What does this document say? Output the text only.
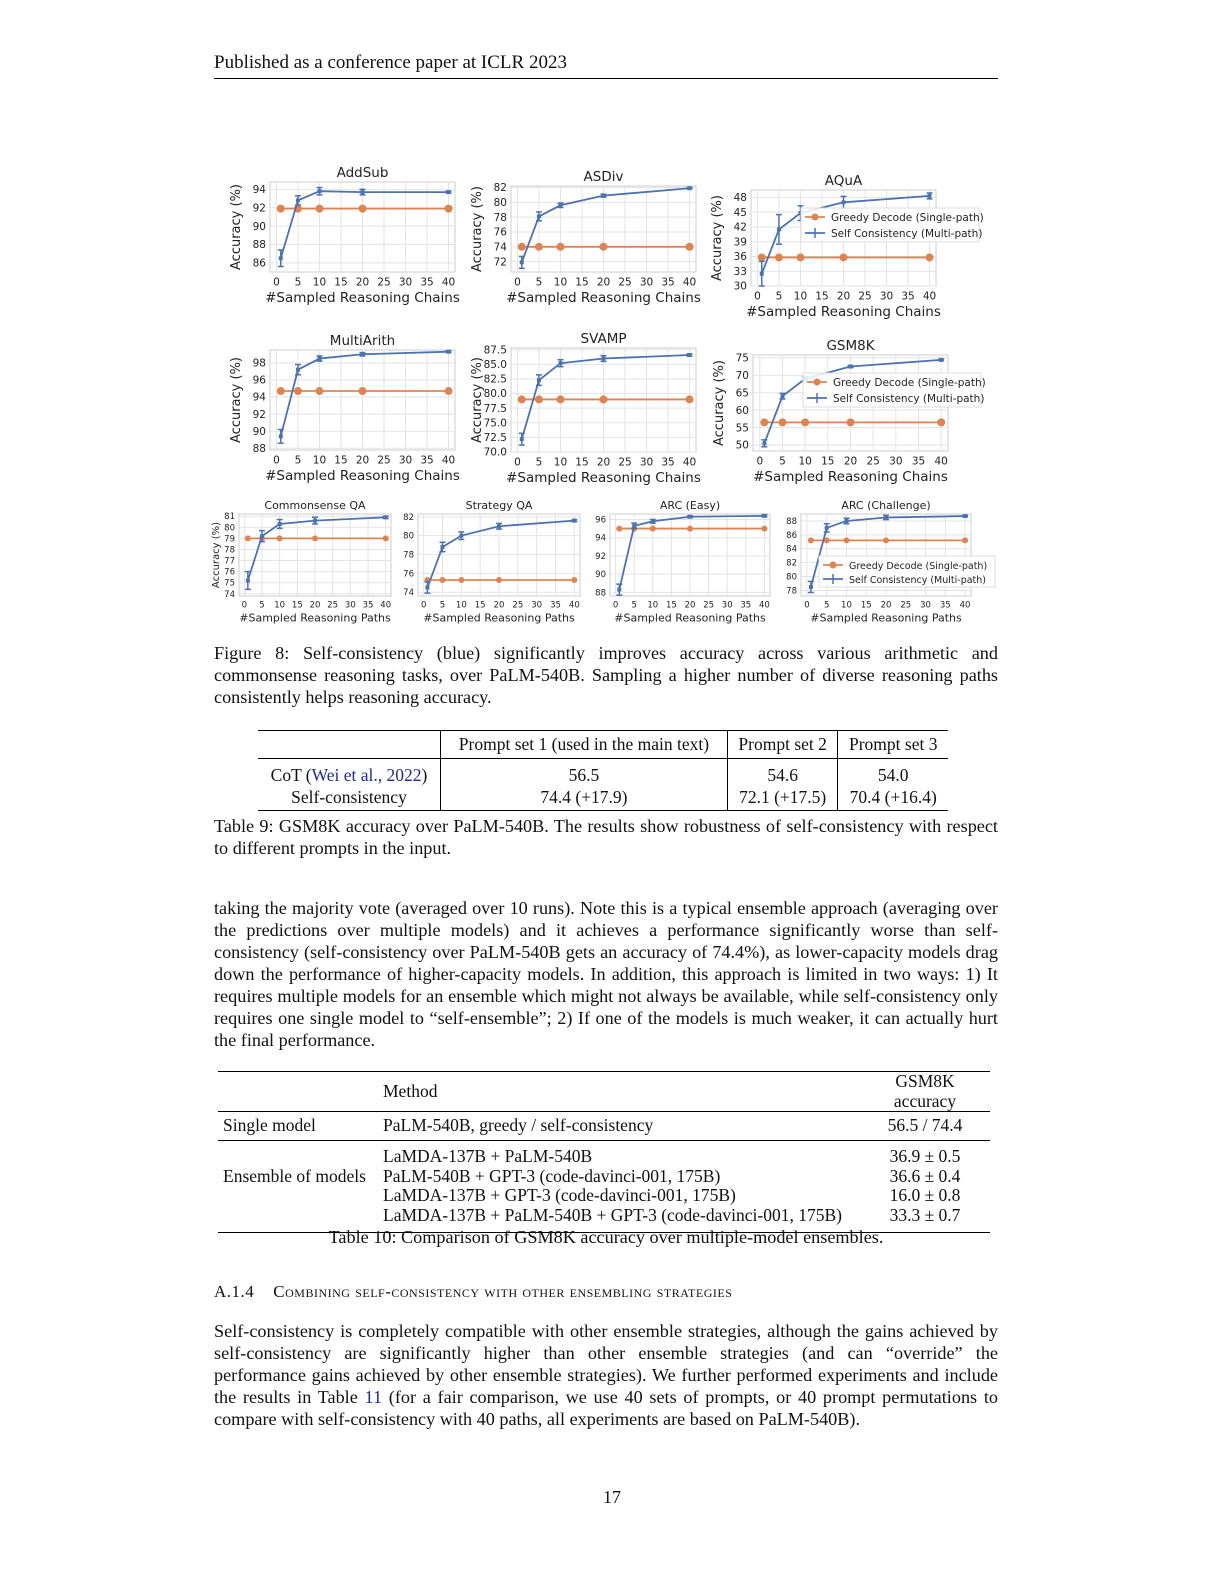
Published as a conference paper at ICLR 2023
0 5 10 15 20 25 30 35 40
86
88
90
92
94
AddSub
#Sampled Reasoning Chains
Accuracy (%)
0 5 10 15 20 25 30 35 40
72
74
76
78
80
82
ASDiv
#Sampled Reasoning Chains
Accuracy (%)
0 5 10 15 20 25 30 35 40
30
33
36
39
42
45
48
AQuA
#Sampled Reasoning Chains
Accuracy (%)	Greedy Decode (Single-path)
Self Consistency (Multi-path)
0 5 10 15 20 25 30 35 40
88
90
92
94
96
98
MultiArith
#Sampled Reasoning Chains
Accuracy (%)
0 5 10 15 20 25 30 35 40
70.0
72.5
75.0
77.5
80.0
82.5
85.0
87.5
SVAMP
#Sampled Reasoning Chains
Accuracy (%)
0 5 10 15 20 25 30 35 40
50
55
60
65
70
75
GSM8K
#Sampled Reasoning Chains
Accuracy (%)	Greedy Decode (Single-path)
Self Consistency (Multi-path)
0 5 10 15 20 25 30 35 40
74
75
76
77
78
79
80
81
Commonsense QA
#Sampled Reasoning Paths
Accuracy (%)
0 5 10 15 20 25 30 35 40
74
76
78
80
82
Strategy QA
#Sampled Reasoning Paths
0 5 10 15 20 25 30 35 40
88
90
92
94
96
ARC (Easy)
#Sampled Reasoning Paths
0 5 10 15 20 25 30 35 40
78
80
82
84
86
88
ARC (Challenge)
#Sampled Reasoning Paths
Greedy Decode (Single-path)
Self Consistency (Multi-path)
Figure 8: Self-consistency (blue) significantly improves accuracy across various arithmetic and commonsense reasoning tasks, over PaLM-540B. Sampling a higher number of diverse reasoning paths consistently helps reasoning accuracy.
	Prompt set 1 (used in the main text)	Prompt set 2	Prompt set 3
CoT (Wei et al., 2022)	56.5	54.6	54.0
Self-consistency	74.4 (+17.9)	72.1 (+17.5)	70.4 (+16.4)
Table 9: GSM8K accuracy over PaLM-540B. The results show robustness of self-consistency with respect to different prompts in the input.
taking the majority vote (averaged over 10 runs). Note this is a typical ensemble approach (averaging over the predictions over multiple models) and it achieves a performance significantly worse than self-consistency (self-consistency over PaLM-540B gets an accuracy of 74.4%), as lower-capacity models drag down the performance of higher-capacity models. In addition, this approach is limited in two ways: 1) It requires multiple models for an ensemble which might not always be available, while self-consistency only requires one single model to “self-ensemble”; 2) If one of the models is much weaker, it can actually hurt the final performance.
	Method	GSM8K accuracy
Single model	PaLM-540B, greedy / self-consistency	56.5 / 74.4
	LaMDA-137B + PaLM-540B	36.9 ± 0.5
Ensemble of models	PaLM-540B + GPT-3 (code-davinci-001, 175B)	36.6 ± 0.4
	LaMDA-137B + GPT-3 (code-davinci-001, 175B)	16.0 ± 0.8
	LaMDA-137B + PaLM-540B + GPT-3 (code-davinci-001, 175B)	33.3 ± 0.7
Table 10: Comparison of GSM8K accuracy over multiple-model ensembles.
A.1.4 Combining self-consistency with other ensembling strategies
Self-consistency is completely compatible with other ensemble strategies, although the gains achieved by self-consistency are significantly higher than other ensemble strategies (and can “override” the performance gains achieved by other ensemble strategies). We further performed experiments and include the results in Table 11 (for a fair comparison, we use 40 sets of prompts, or 40 prompt permutations to compare with self-consistency with 40 paths, all experiments are based on PaLM-540B).
17
